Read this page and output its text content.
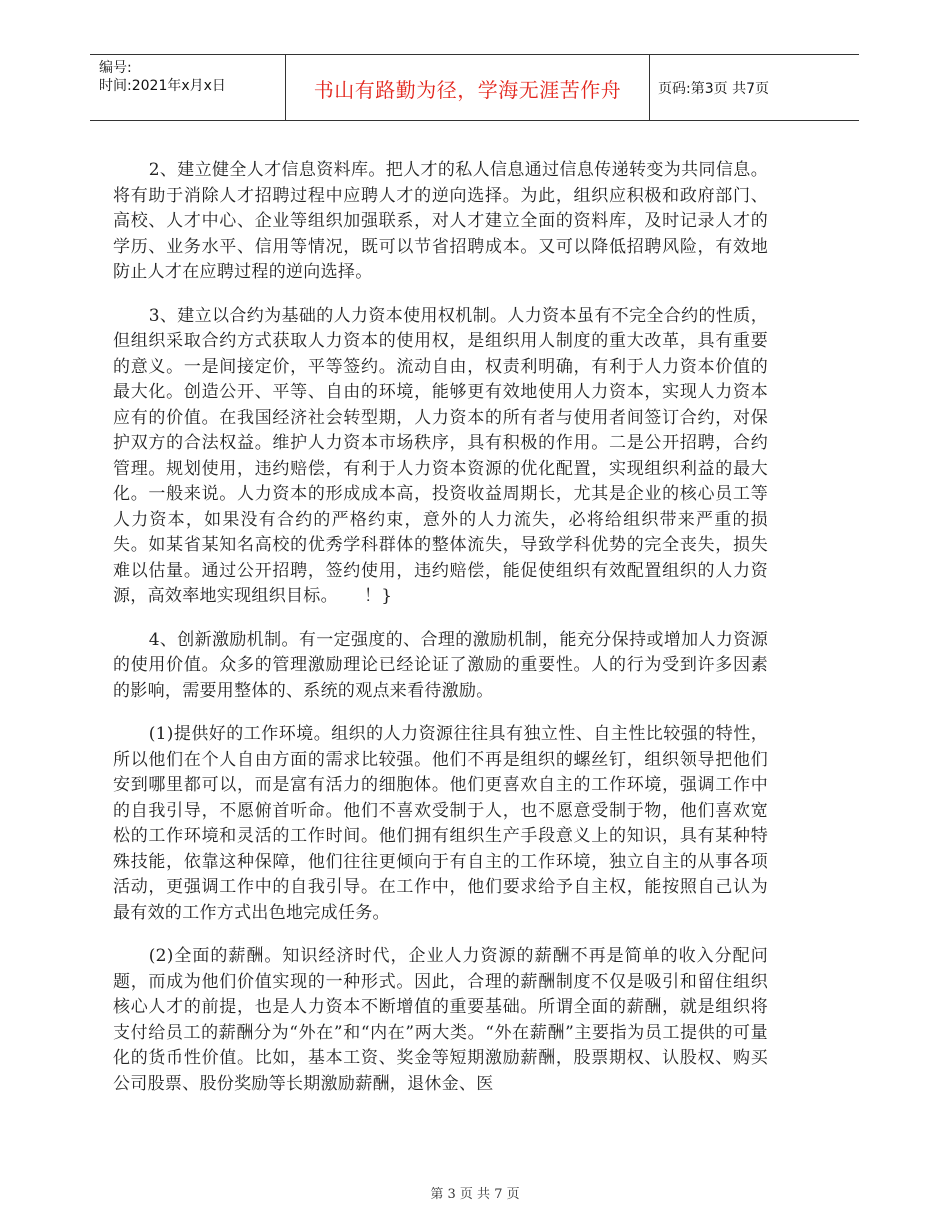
编号:
时间:2021年x月x日	书山有路勤为径，学海无涯苦作舟	页码:第3页 共7页

2、建立健全人才信息资料库。把人才的私人信息通过信息传递转变为共同信息。将有助于消除人才招聘过程中应聘人才的逆向选择。为此，组织应积极和政府部门、高校、人才中心、企业等组织加强联系，对人才建立全面的资料库，及时记录人才的学历、业务水平、信用等情况，既可以节省招聘成本。又可以降低招聘风险，有效地防止人才在应聘过程的逆向选择。

3、建立以合约为基础的人力资本使用权机制。人力资本虽有不完全合约的性质，但组织采取合约方式获取人力资本的使用权，是组织用人制度的重大改革，具有重要的意义。一是间接定价，平等签约。流动自由，权责利明确，有利于人力资本价值的最大化。创造公开、平等、自由的环境，能够更有效地使用人力资本，实现人力资本应有的价值。在我国经济社会转型期，人力资本的所有者与使用者间签订合约，对保护双方的合法权益。维护人力资本市场秩序，具有积极的作用。二是公开招聘，合约管理。规划使用，违约赔偿，有利于人力资本资源的优化配置，实现组织利益的最大化。一般来说。人力资本的形成成本高，投资收益周期长，尤其是企业的核心员工等人力资本，如果没有合约的严格约束，意外的人力流失，必将给组织带来严重的损失。如某省某知名高校的优秀学科群体的整体流失，导致学科优势的完全丧失，损失难以估量。通过公开招聘，签约使用，违约赔偿，能促使组织有效配置组织的人力资源，高效率地实现组织目标。　　！}

4、创新激励机制。有一定强度的、合理的激励机制，能充分保持或增加人力资源的使用价值。众多的管理激励理论已经论证了激励的重要性。人的行为受到许多因素的影响，需要用整体的、系统的观点来看待激励。

(1)提供好的工作环境。组织的人力资源往往具有独立性、自主性比较强的特性，所以他们在个人自由方面的需求比较强。他们不再是组织的螺丝钉，组织领导把他们安到哪里都可以，而是富有活力的细胞体。他们更喜欢自主的工作环境，强调工作中的自我引导，不愿俯首听命。他们不喜欢受制于人，也不愿意受制于物，他们喜欢宽松的工作环境和灵活的工作时间。他们拥有组织生产手段意义上的知识，具有某种特殊技能，依靠这种保障，他们往往更倾向于有自主的工作环境，独立自主的从事各项活动，更强调工作中的自我引导。在工作中，他们要求给予自主权，能按照自己认为最有效的工作方式出色地完成任务。

(2)全面的薪酬。知识经济时代，企业人力资源的薪酬不再是简单的收入分配问题，而成为他们价值实现的一种形式。因此，合理的薪酬制度不仅是吸引和留住组织核心人才的前提，也是人力资本不断增值的重要基础。所谓全面的薪酬，就是组织将支付给员工的薪酬分为“外在”和“内在”两大类。“外在薪酬”主要指为员工提供的可量化的货币性价值。比如，基本工资、奖金等短期激励薪酬，股票期权、认股权、购买公司股票、股份奖励等长期激励薪酬，退休金、医

第 3 页 共 7 页
